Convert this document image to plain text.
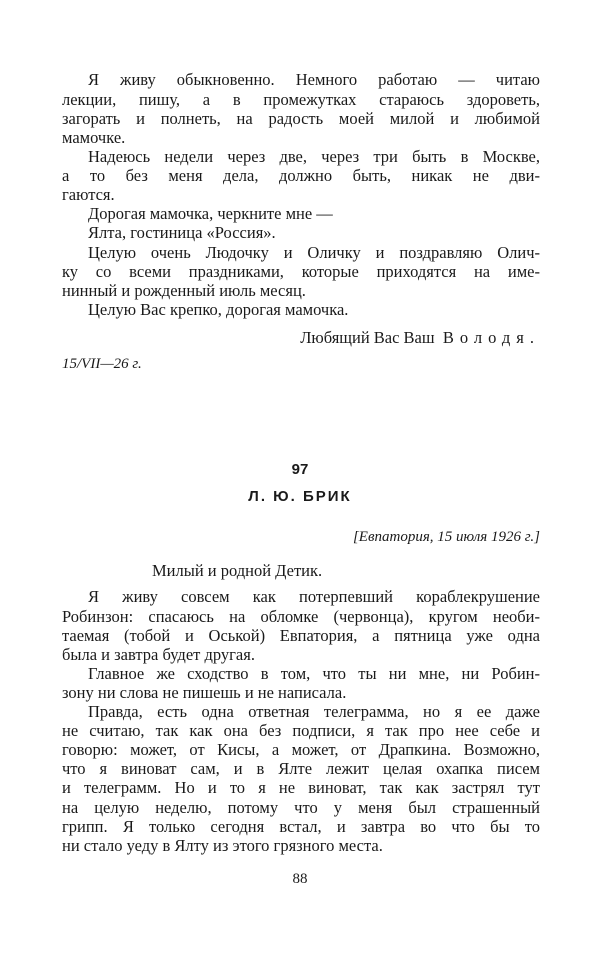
Я живу обыкновенно. Немного работаю — читаю
лекции, пишу, а в промежутках стараюсь здороветь,
загорать и полнеть, на радость моей милой и любимой
мамочке.
Надеюсь недели через две, через три быть в Москве,
а то без меня дела, должно быть, никак не дви-
гаются.
Дорогая мамочка, черкните мне —
Ялта, гостиница «Россия».
Целую очень Людочку и Оличку и поздравляю Олич-
ку со всеми праздниками, которые приходятся на име-
нинный и рожденный июль месяц.
Целую Вас крепко, дорогая мамочка.
Любящий Вас Ваш Володя.
15/VII—26 г.
97
Л. Ю. БРИК
[Евпатория, 15 июля 1926 г.]
Милый и родной Детик.
Я живу совсем как потерпевший кораблекрушение
Робинзон: спасаюсь на обломке (червонца), кругом необи-
таемая (тобой и Оськой) Евпатория, а пятница уже одна
была и завтра будет другая.
Главное же сходство в том, что ты ни мне, ни Робин-
зону ни слова не пишешь и не написала.
Правда, есть одна ответная телеграмма, но я ее даже
не считаю, так как она без подписи, я так про нее себе и
говорю: может, от Кисы, а может, от Драпкина. Возможно,
что я виноват сам, и в Ялте лежит целая охапка писем
и телеграмм. Но и то я не виноват, так как застрял тут
на целую неделю, потому что у меня был страшенный
грипп. Я только сегодня встал, и завтра во что бы то
ни стало уеду в Ялту из этого грязного места.
88
